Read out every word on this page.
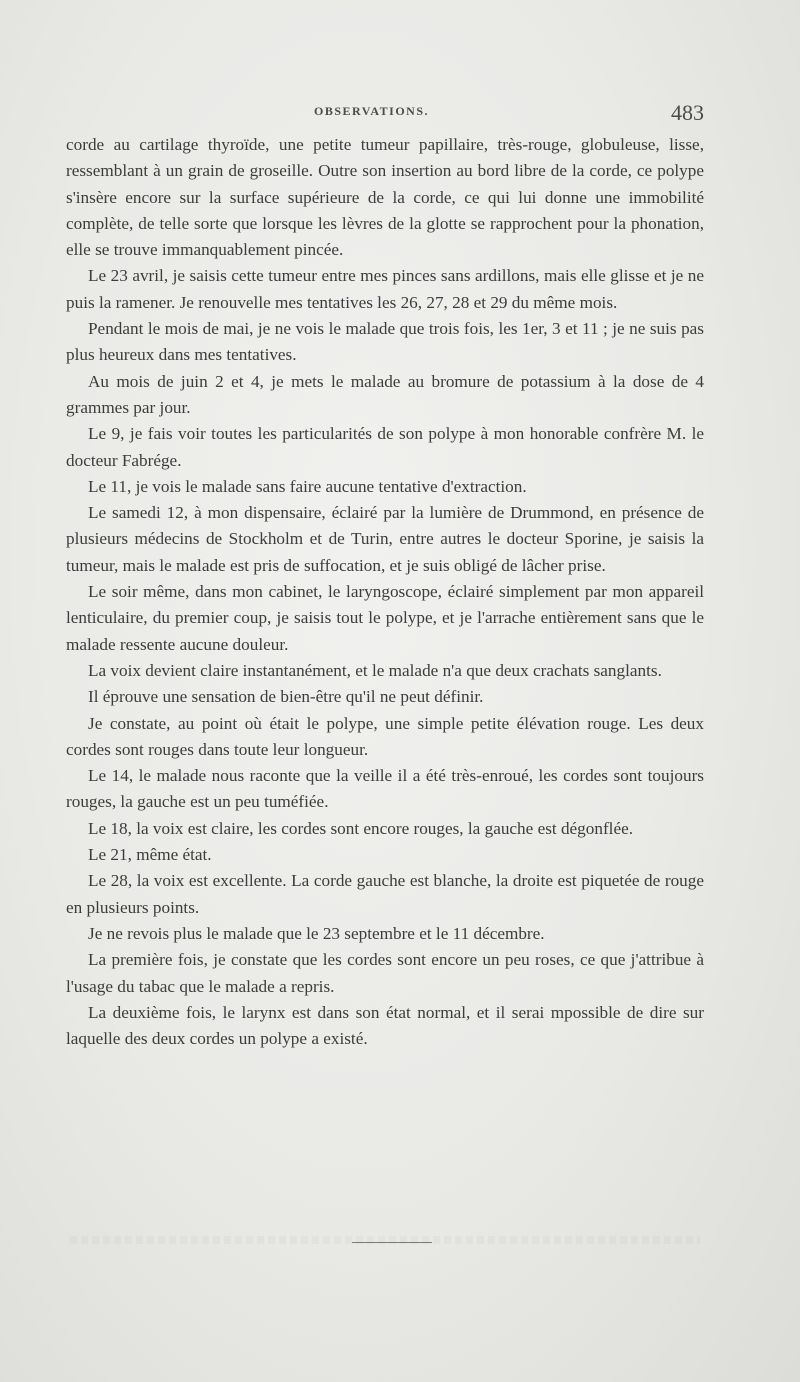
OBSERVATIONS.	483

corde au cartilage thyroïde, une petite tumeur papillaire, très-rouge, globuleuse, lisse, ressemblant à un grain de groseille. Outre son insertion au bord libre de la corde, ce polype s'insère encore sur la surface supérieure de la corde, ce qui lui donne une immobilité complète, de telle sorte que lorsque les lèvres de la glotte se rapprochent pour la phonation, elle se trouve immanquablement pincée.

Le 23 avril, je saisis cette tumeur entre mes pinces sans ardillons, mais elle glisse et je ne puis la ramener. Je renouvelle mes tentatives les 26, 27, 28 et 29 du même mois.

Pendant le mois de mai, je ne vois le malade que trois fois, les 1er, 3 et 11 ; je ne suis pas plus heureux dans mes tentatives.

Au mois de juin 2 et 4, je mets le malade au bromure de potassium à la dose de 4 grammes par jour.

Le 9, je fais voir toutes les particularités de son polype à mon honorable confrère M. le docteur Fabrége.

Le 11, je vois le malade sans faire aucune tentative d'extraction.

Le samedi 12, à mon dispensaire, éclairé par la lumière de Drummond, en présence de plusieurs médecins de Stockholm et de Turin, entre autres le docteur Sporine, je saisis la tumeur, mais le malade est pris de suffocation, et je suis obligé de lâcher prise.

Le soir même, dans mon cabinet, le laryngoscope, éclairé simplement par mon appareil lenticulaire, du premier coup, je saisis tout le polype, et je l'arrache entièrement sans que le malade ressente aucune douleur.

La voix devient claire instantanément, et le malade n'a que deux crachats sanglants.

Il éprouve une sensation de bien-être qu'il ne peut définir.

Je constate, au point où était le polype, une simple petite élévation rouge. Les deux cordes sont rouges dans toute leur longueur.

Le 14, le malade nous raconte que la veille il a été très-enroué, les cordes sont toujours rouges, la gauche est un peu tuméfiée.

Le 18, la voix est claire, les cordes sont encore rouges, la gauche est dégonflée.

Le 21, même état.

Le 28, la voix est excellente. La corde gauche est blanche, la droite est piquetée de rouge en plusieurs points.

Je ne revois plus le malade que le 23 septembre et le 11 décembre.

La première fois, je constate que les cordes sont encore un peu roses, ce que j'attribue à l'usage du tabac que le malade a repris.

La deuxième fois, le larynx est dans son état normal, et il serai mpossible de dire sur laquelle des deux cordes un polype a existé.
